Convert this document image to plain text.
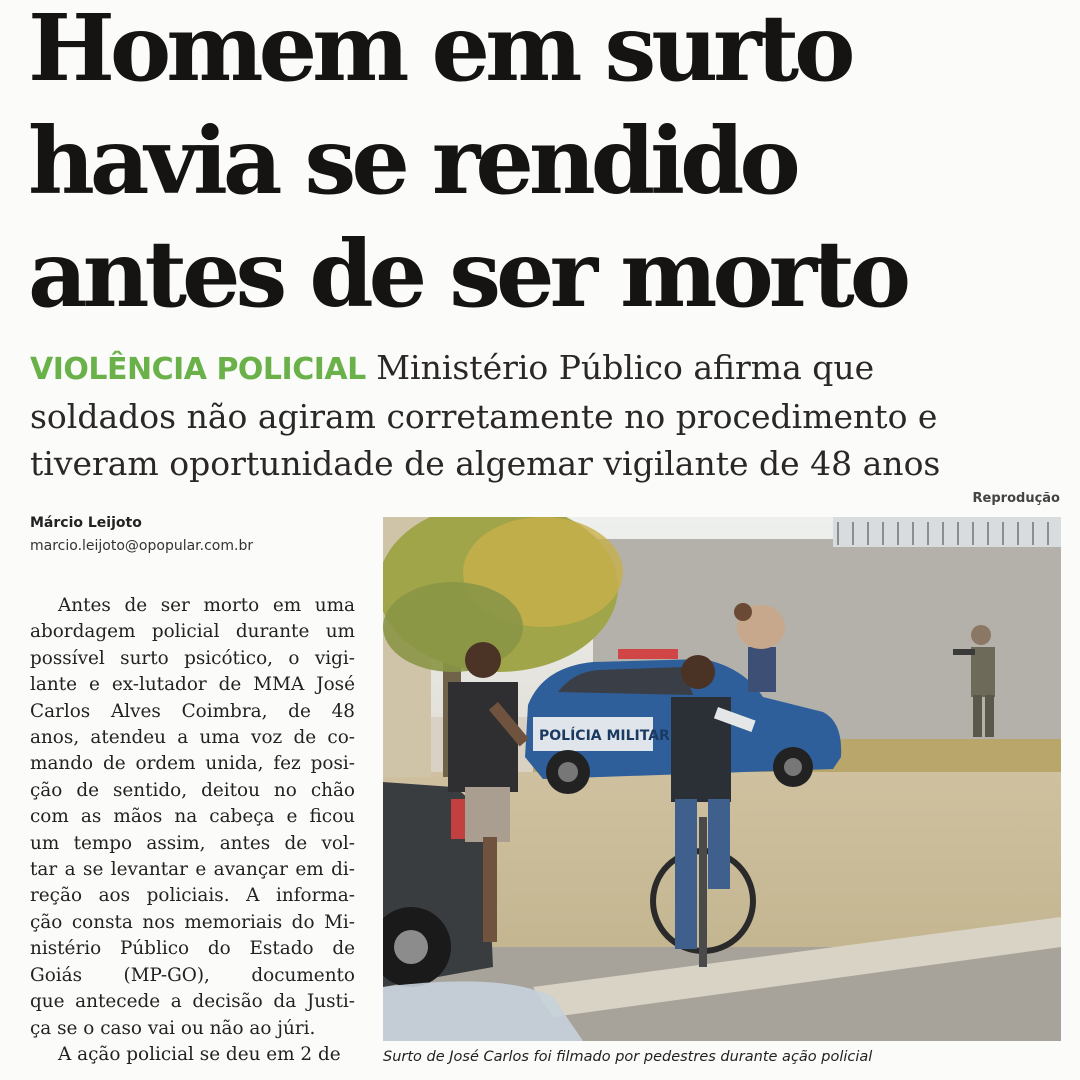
Homem em surto
havia se rendido
antes de ser morto
VIOLÊNCIA POLICIAL Ministério Público afirma que
soldados não agiram corretamente no procedimento e
tiveram oportunidade de algemar vigilante de 48 anos
Reprodução
Márcio Leijoto
marcio.leijoto@opopular.com.br
Antes de ser morto em uma
abordagem policial durante um
possível surto psicótico, o vigi-
lante e ex-lutador de MMA José
Carlos Alves Coimbra, de 48
anos, atendeu a uma voz de co-
mando de ordem unida, fez posi-
ção de sentido, deitou no chão
com as mãos na cabeça e ficou
um tempo assim, antes de vol-
tar a se levantar e avançar em di-
reção aos policiais. A informa-
ção consta nos memoriais do Mi-
nistério Público do Estado de
Goiás (MP-GO), documento
que antecede a decisão da Justi-
ça se o caso vai ou não ao júri.
A ação policial se deu em 2 de
POLÍCIA MILITAR
Surto de José Carlos foi filmado por pedestres durante ação policial
